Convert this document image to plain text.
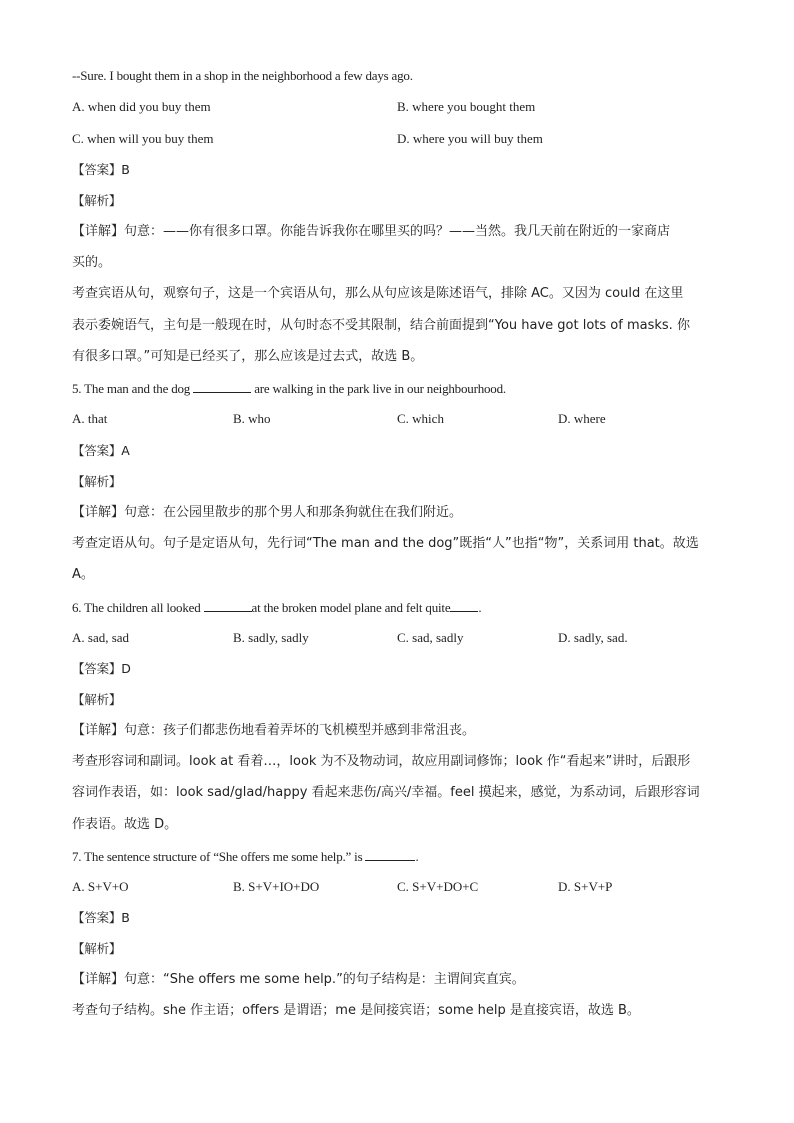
--Sure. I bought them in a shop in the neighborhood a few days ago.
A. when did you buy them	B. where you bought them
C. when will you buy them	D. where you will buy them
【答案】B
【解析】
【详解】句意：——你有很多口罩。你能告诉我你在哪里买的吗？——当然。我几天前在附近的一家商店
买的。
考查宾语从句，观察句子，这是一个宾语从句，那么从句应该是陈述语气，排除 AC。又因为 could 在这里
表示委婉语气，主句是一般现在时，从句时态不受其限制，结合前面提到“You have got lots of masks. 你
有很多口罩。”可知是已经买了，那么应该是过去式，故选 B。
5. The man and the dog	are walking in the park live in our neighbourhood.
A. that	B. who	C. which	D. where
【答案】A
【解析】
【详解】句意：在公园里散步的那个男人和那条狗就住在我们附近。
考查定语从句。句子是定语从句，先行词“The man and the dog”既指“人”也指“物”，关系词用 that。故选
A。
6. The children all looked	at the broken model plane and felt quite .
A. sad, sad	B. sadly, sadly	C. sad, sadly	D. sadly, sad.
【答案】D
【解析】
【详解】句意：孩子们都悲伤地看着弄坏的飞机模型并感到非常沮丧。
考查形容词和副词。look at 看着…，look 为不及物动词，故应用副词修饰；look 作“看起来”讲时，后跟形
容词作表语，如：look sad/glad/happy 看起来悲伤/高兴/幸福。feel 摸起来，感觉，为系动词，后跟形容词
作表语。故选 D。
7. The sentence structure of “She offers me some help.” is	.
A. S+V+O	B. S+V+IO+DO	C. S+V+DO+C	D. S+V+P
【答案】B
【解析】
【详解】句意：“She offers me some help.”的句子结构是：主谓间宾直宾。
考查句子结构。she 作主语；offers 是谓语；me 是间接宾语；some help 是直接宾语，故选 B。
